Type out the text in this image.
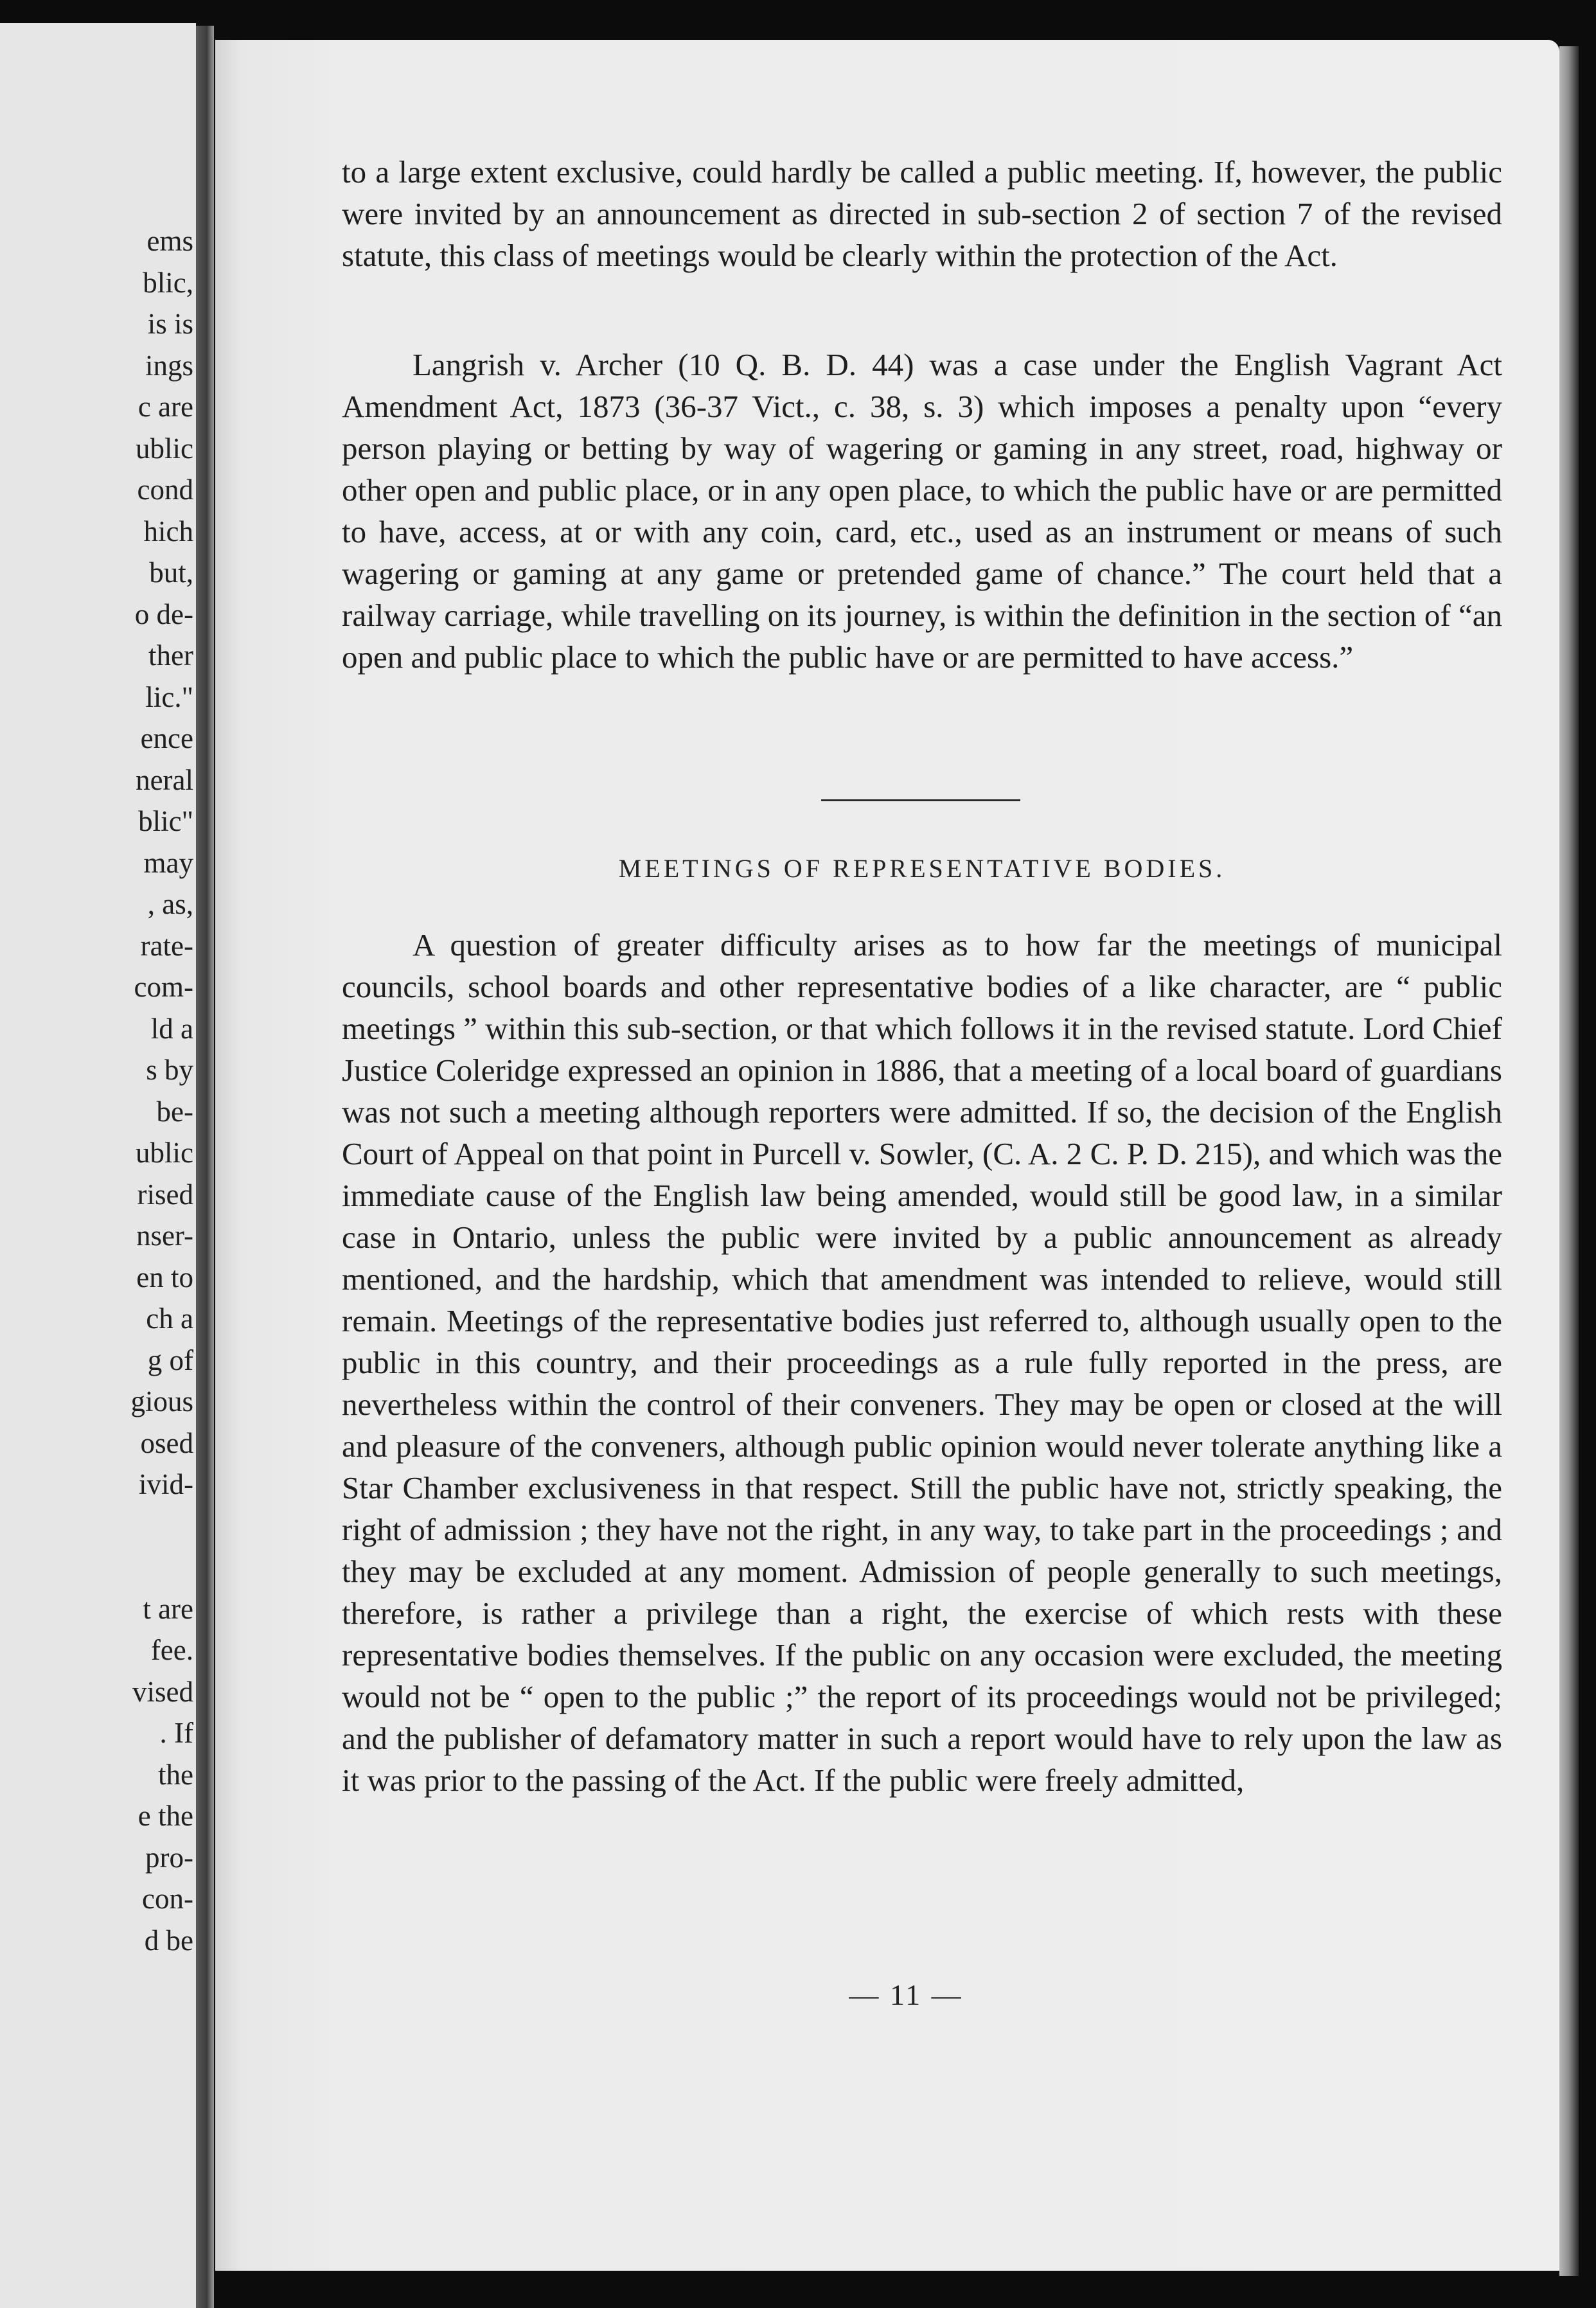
ems
blic,
is is
ings
c are
ublic
cond
hich
but,
o de-
ther
lic."
ence
neral
blic"
may
, as,
rate-
com-
ld a
s by
be-
ublic
rised
nser-
en to
ch a
g of
gious
osed
ivid-
t are
fee.
vised
. If
the
e the
pro-
con-
d be

to a large extent exclusive, could hardly be called a public meeting. If, however, the public were invited by an announcement as directed in sub-section 2 of section 7 of the revised statute, this class of meetings would be clearly within the protection of the Act.

Langrish v. Archer (10 Q. B. D. 44) was a case under the English Vagrant Act Amendment Act, 1873 (36-37 Vict., c. 38, s. 3) which imposes a penalty upon “every person playing or betting by way of wagering or gaming in any street, road, highway or other open and public place, or in any open place, to which the public have or are permitted to have, access, at or with any coin, card, etc., used as an instrument or means of such wagering or gaming at any game or pretended game of chance.” The court held that a railway carriage, while travelling on its journey, is within the definition in the section of “an open and public place to which the public have or are permitted to have access.”

MEETINGS OF REPRESENTATIVE BODIES.

A question of greater difficulty arises as to how far the meetings of municipal councils, school boards and other representative bodies of a like character, are “ public meetings ” within this sub-section, or that which follows it in the revised statute. Lord Chief Justice Coleridge expressed an opinion in 1886, that a meeting of a local board of guardians was not such a meeting although reporters were admitted. If so, the decision of the English Court of Appeal on that point in Purcell v. Sowler, (C. A. 2 C. P. D. 215), and which was the immediate cause of the English law being amended, would still be good law, in a similar case in Ontario, unless the public were invited by a public announcement as already mentioned, and the hardship, which that amendment was intended to relieve, would still remain. Meetings of the representative bodies just referred to, although usually open to the public in this country, and their proceedings as a rule fully reported in the press, are nevertheless within the control of their conveners. They may be open or closed at the will and pleasure of the conveners, although public opinion would never tolerate anything like a Star Chamber exclusiveness in that respect. Still the public have not, strictly speaking, the right of admission ; they have not the right, in any way, to take part in the proceedings ; and they may be excluded at any moment. Admission of people generally to such meetings, therefore, is rather a privilege than a right, the exercise of which rests with these representative bodies themselves. If the public on any occasion were excluded, the meeting would not be “ open to the public ;” the report of its proceedings would not be privileged; and the publisher of defamatory matter in such a report would have to rely upon the law as it was prior to the passing of the Act. If the public were freely admitted,

— 11 —
